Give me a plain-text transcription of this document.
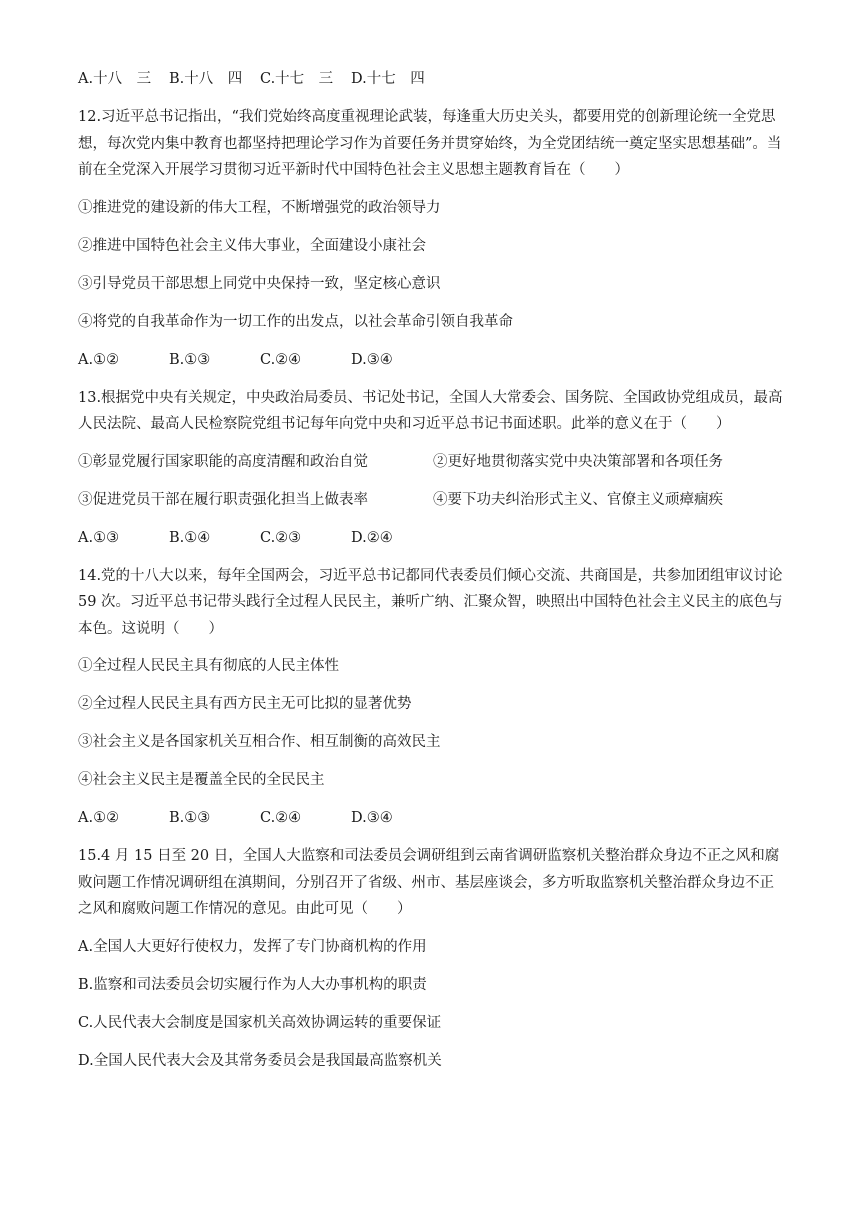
A.十八　三	B.十八　四	C.十七　三	D.十七　四
12.习近平总书记指出，“我们党始终高度重视理论武装，每逢重大历史关头，都要用党的创新理论统一全党思想，每次党内集中教育也都坚持把理论学习作为首要任务并贯穿始终，为全党团结统一奠定坚实思想基础”。当前在全党深入开展学习贯彻习近平新时代中国特色社会主义思想主题教育旨在（　　）
①推进党的建设新的伟大工程，不断增强党的政治领导力
②推进中国特色社会主义伟大事业，全面建设小康社会
③引导党员干部思想上同党中央保持一致，坚定核心意识
④将党的自我革命作为一切工作的出发点，以社会革命引领自我革命
A.①②	B.①③	C.②④	D.③④
13.根据党中央有关规定，中央政治局委员、书记处书记，全国人大常委会、国务院、全国政协党组成员，最高人民法院、最高人民检察院党组书记每年向党中央和习近平总书记书面述职。此举的意义在于（　　）
①彰显党履行国家职能的高度清醒和政治自觉	②更好地贯彻落实党中央决策部署和各项任务
③促进党员干部在履行职责强化担当上做表率	④要下功夫纠治形式主义、官僚主义顽瘴痼疾
A.①③	B.①④	C.②③	D.②④
14.党的十八大以来，每年全国两会，习近平总书记都同代表委员们倾心交流、共商国是，共参加团组审议讨论 59 次。习近平总书记带头践行全过程人民民主，兼听广纳、汇聚众智，映照出中国特色社会主义民主的底色与本色。这说明（　　）
①全过程人民民主具有彻底的人民主体性
②全过程人民民主具有西方民主无可比拟的显著优势
③社会主义是各国家机关互相合作、相互制衡的高效民主
④社会主义民主是覆盖全民的全民民主
A.①②	B.①③	C.②④	D.③④
15.4 月 15 日至 20 日，全国人大监察和司法委员会调研组到云南省调研监察机关整治群众身边不正之风和腐败问题工作情况调研组在滇期间，分别召开了省级、州市、基层座谈会，多方听取监察机关整治群众身边不正之风和腐败问题工作情况的意见。由此可见（　　）
A.全国人大更好行使权力，发挥了专门协商机构的作用
B.监察和司法委员会切实履行作为人大办事机构的职责
C.人民代表大会制度是国家机关高效协调运转的重要保证
D.全国人民代表大会及其常务委员会是我国最高监察机关
